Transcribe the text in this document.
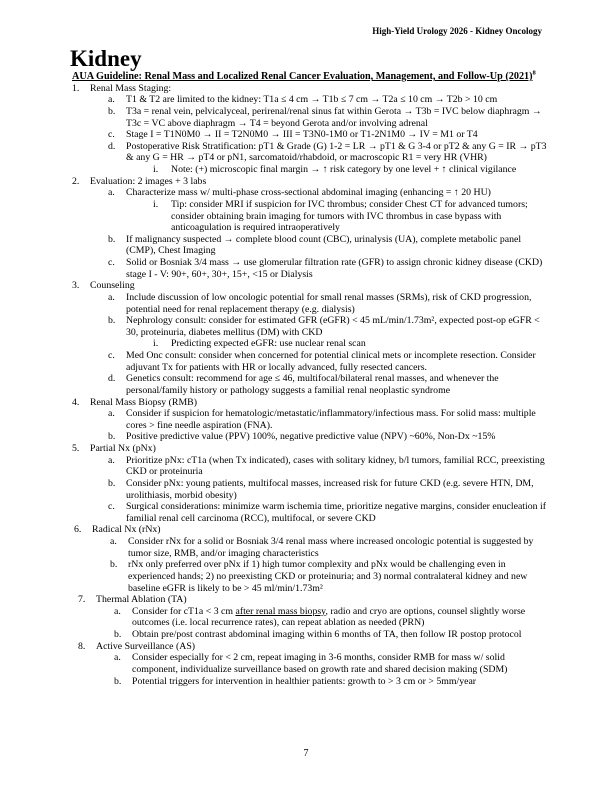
High-Yield Urology 2026 - Kidney Oncology
Kidney
AUA Guideline: Renal Mass and Localized Renal Cancer Evaluation, Management, and Follow-Up $(2021)^8$
1. Renal Mass Staging:
a. T1 & T2 are limited to the kidney: T1a ≤ 4 cm → T1b ≤ 7 cm → T2a ≤ 10 cm → T2b > 10 cm
b. T3a = renal vein, pelvicalyceal, perirenal/renal sinus fat within Gerota → T3b = IVC below diaphragm → T3c = VC above diaphragm → T4 = beyond Gerota and/or involving adrenal
c. Stage I = T1N0M0 → II = T2N0M0 → III = T3N0-1M0 or T1-2N1M0 → IV = M1 or T4
d. Postoperative Risk Stratification: pT1 & Grade (G) 1-2 = LR → pT1 & G 3-4 or pT2 & any G = IR → pT3 & any G = HR → pT4 or pN1, sarcomatoid/rhabdoid, or macroscopic R1 = very HR (VHR)
i. Note: (+) microscopic final margin → ↑ risk category by one level + ↑ clinical vigilance
2. Evaluation: 2 images + 3 labs
a. Characterize mass w/ multi-phase cross-sectional abdominal imaging (enhancing = ↑ 20 HU)
i. Tip: consider MRI if suspicion for IVC thrombus; consider Chest CT for advanced tumors; consider obtaining brain imaging for tumors with IVC thrombus in case bypass with anticoagulation is required intraoperatively
b. If malignancy suspected → complete blood count (CBC), urinalysis (UA), complete metabolic panel (CMP), Chest Imaging
c. Solid or Bosniak 3/4 mass → use glomerular filtration rate (GFR) to assign chronic kidney disease (CKD) stage I - V: 90+, 60+, 30+, 15+, <15 or Dialysis
3. Counseling
a. Include discussion of low oncologic potential for small renal masses (SRMs), risk of CKD progression, potential need for renal replacement therapy (e.g. dialysis)
b. Nephrology consult: consider for estimated GFR (eGFR) < 45 mL/min/1.73m², expected post-op eGFR < 30, proteinuria, diabetes mellitus (DM) with CKD
i. Predicting expected eGFR: use nuclear renal scan
c. Med Onc consult: consider when concerned for potential clinical mets or incomplete resection. Consider adjuvant Tx for patients with HR or locally advanced, fully resected cancers.
d. Genetics consult: recommend for age ≤ 46, multifocal/bilateral renal masses, and whenever the personal/family history or pathology suggests a familial renal neoplastic syndrome
4. Renal Mass Biopsy (RMB)
a. Consider if suspicion for hematologic/metastatic/inflammatory/infectious mass. For solid mass: multiple cores > fine needle aspiration (FNA).
b. Positive predictive value (PPV) 100%, negative predictive value (NPV) ~60%, Non-Dx ~15%
5. Partial Nx (pNx)
a. Prioritize pNx: cT1a (when Tx indicated), cases with solitary kidney, b/l tumors, familial RCC, preexisting CKD or proteinuria
b. Consider pNx: young patients, multifocal masses, increased risk for future CKD (e.g. severe HTN, DM, urolithiasis, morbid obesity)
c. Surgical considerations: minimize warm ischemia time, prioritize negative margins, consider enucleation if familial renal cell carcinoma (RCC), multifocal, or severe CKD
6. Radical Nx (rNx)
a. Consider rNx for a solid or Bosniak 3/4 renal mass where increased oncologic potential is suggested by tumor size, RMB, and/or imaging characteristics
b. rNx only preferred over pNx if 1) high tumor complexity and pNx would be challenging even in experienced hands; 2) no preexisting CKD or proteinuria; and 3) normal contralateral kidney and new baseline eGFR is likely to be > 45 ml/min/1.73m²
7. Thermal Ablation (TA)
a. Consider for cT1a < 3 cm after renal mass biopsy, radio and cryo are options, counsel slightly worse outcomes (i.e. local recurrence rates), can repeat ablation as needed (PRN)
b. Obtain pre/post contrast abdominal imaging within 6 months of TA, then follow IR postop protocol
8. Active Surveillance (AS)
a. Consider especially for < 2 cm, repeat imaging in 3-6 months, consider RMB for mass w/ solid component, individualize surveillance based on growth rate and shared decision making (SDM)
b. Potential triggers for intervention in healthier patients: growth to > 3 cm or > 5mm/year
7
